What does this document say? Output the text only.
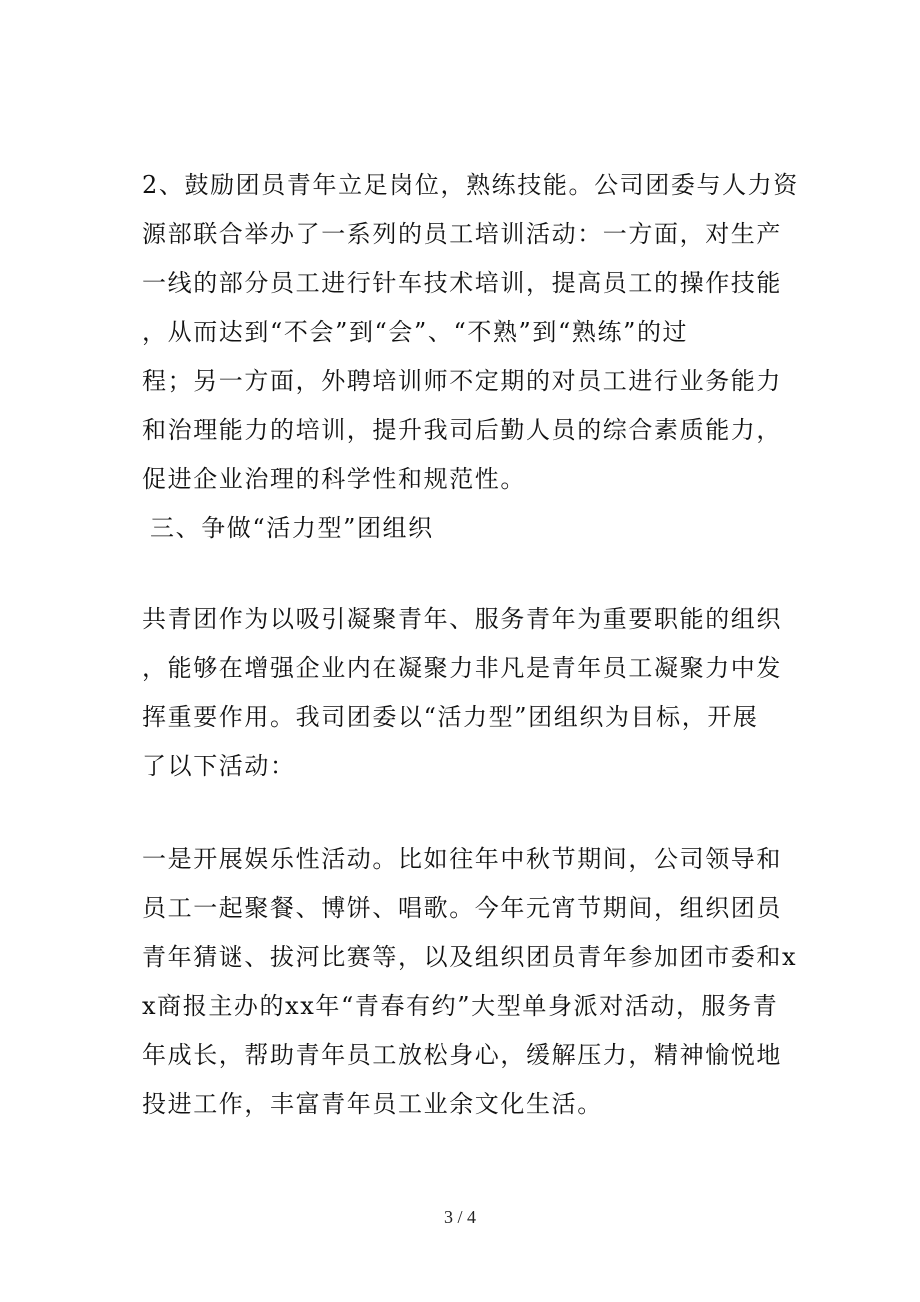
2、鼓励团员青年立足岗位，熟练技能。公司团委与人力资
源部联合举办了一系列的员工培训活动：一方面，对生产
一线的部分员工进行针车技术培训，提高员工的操作技能
，从而达到“不会”到“会”、“不熟”到“熟练”的过
程；另一方面，外聘培训师不定期的对员工进行业务能力
和治理能力的培训，提升我司后勤人员的综合素质能力，
促进企业治理的科学性和规范性。
三、争做“活力型”团组织
共青团作为以吸引凝聚青年、服务青年为重要职能的组织
，能够在增强企业内在凝聚力非凡是青年员工凝聚力中发
挥重要作用。我司团委以“活力型”团组织为目标，开展
了以下活动：
一是开展娱乐性活动。比如往年中秋节期间，公司领导和
员工一起聚餐、博饼、唱歌。今年元宵节期间，组织团员
青年猜谜、拔河比赛等，以及组织团员青年参加团市委和x
x商报主办的xx年“青春有约”大型单身派对活动，服务青
年成长，帮助青年员工放松身心，缓解压力，精神愉悦地
投进工作，丰富青年员工业余文化生活。
3 / 4
